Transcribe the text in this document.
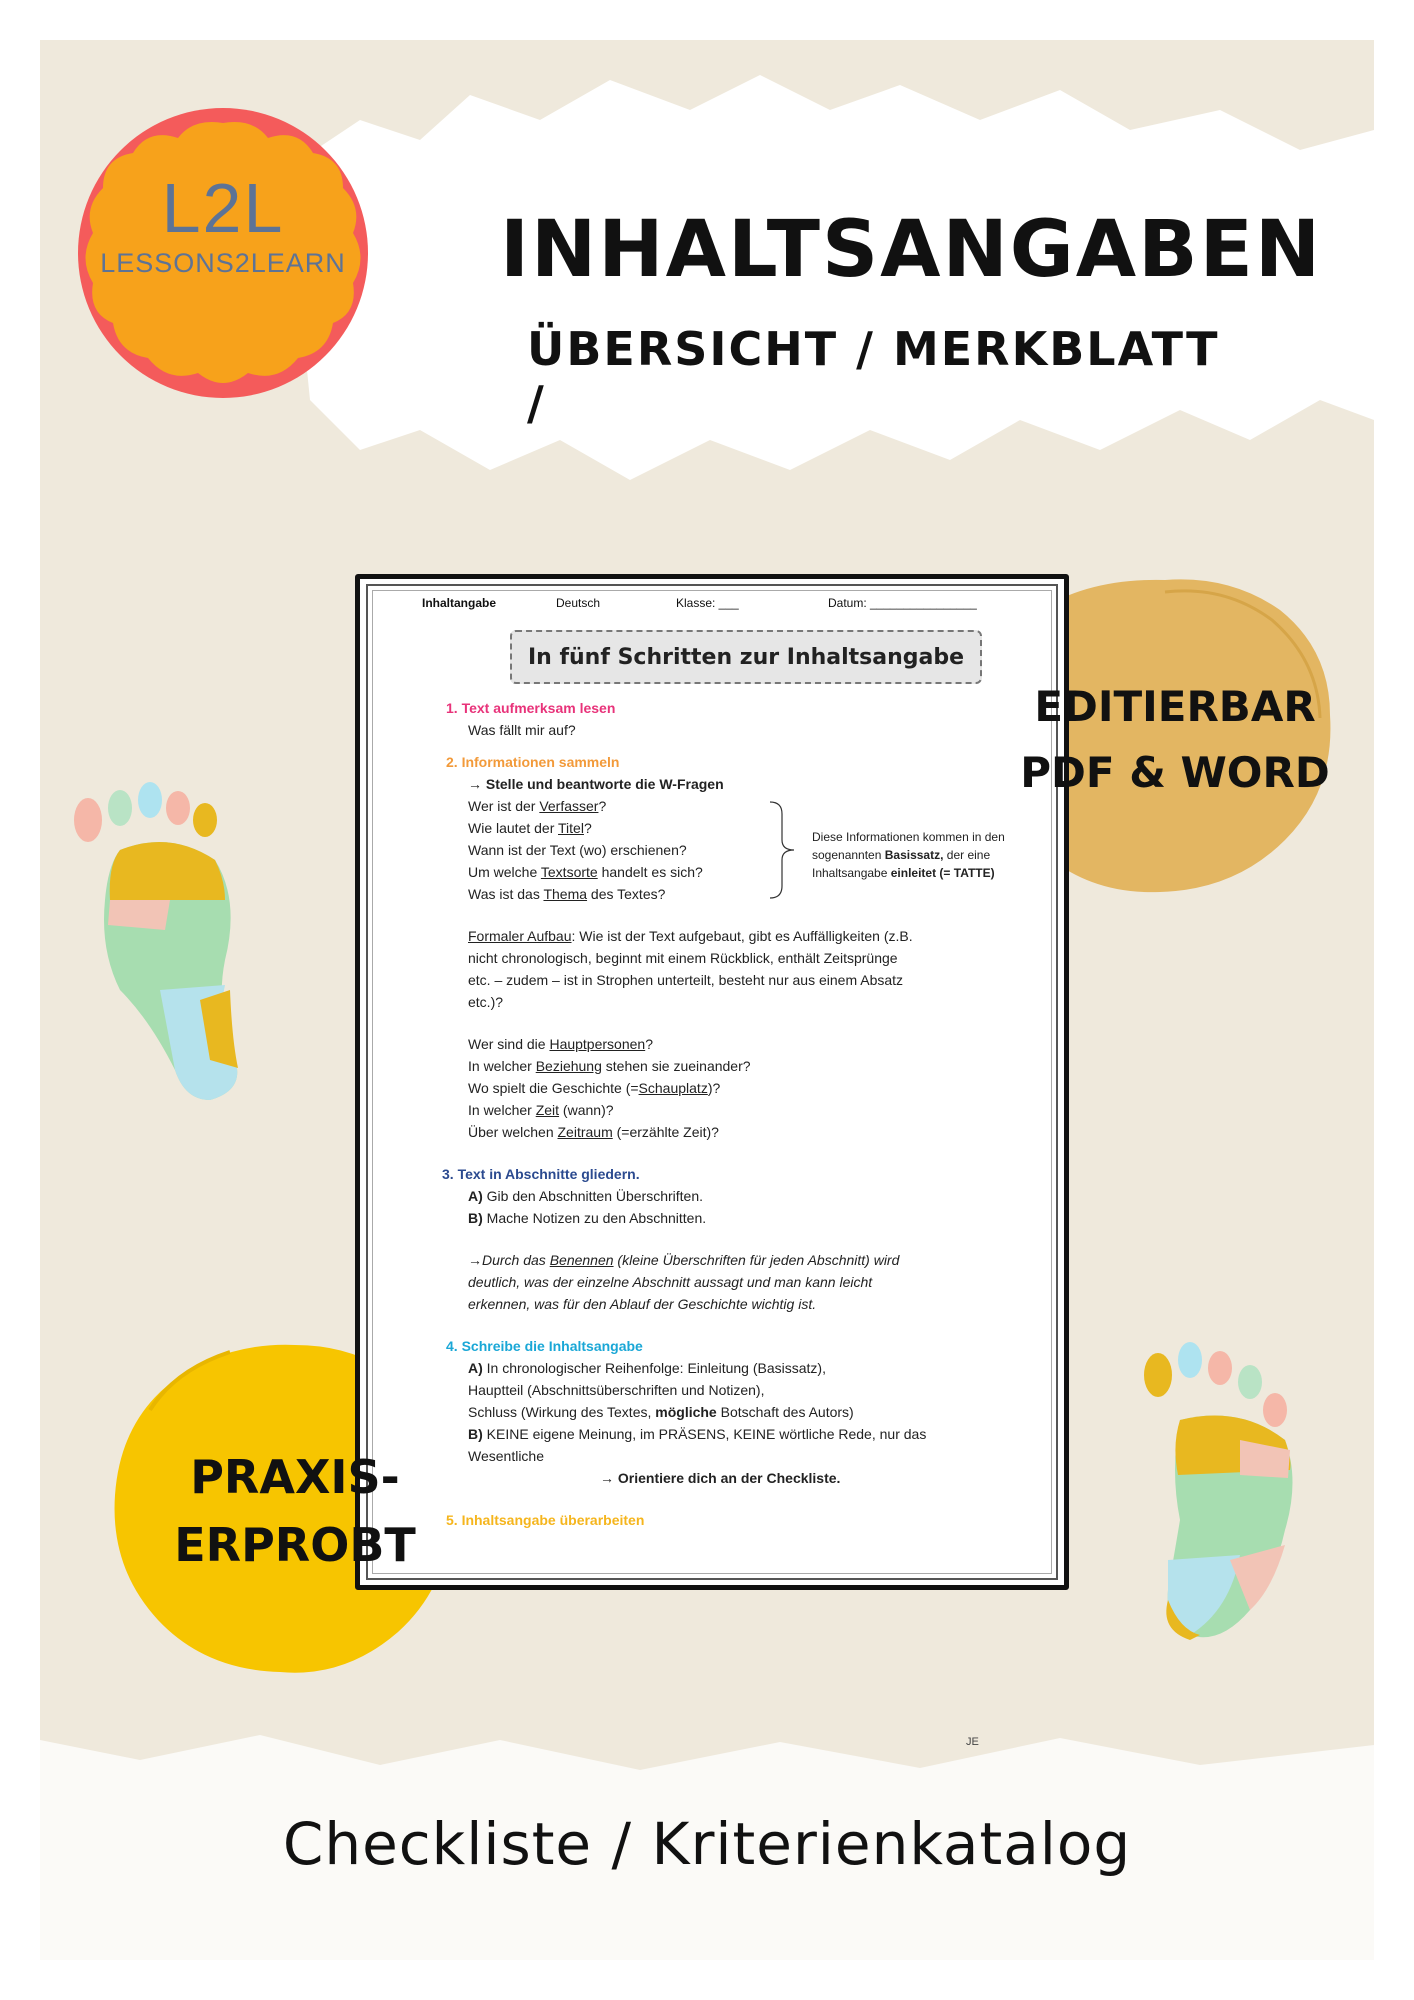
L2L
LESSONS2LEARN INHALTSANGABEN
ÜBERSICHT / MERKBLATT /
Inhaltangabe	Deutsch	Klasse: ___	Datum: ________________
In fünf Schritten zur Inhaltsangabe
1. Text aufmerksam lesen
Was fällt mir auf?
2. Informationen sammeln
→ Stelle und beantworte die W-Fragen
Wer ist der Verfasser?
Wie lautet der Titel?
Wann ist der Text (wo) erschienen?
Um welche Textsorte handelt es sich?
Was ist das Thema des Textes?
Diese Informationen kommen in den
sogenannten Basissatz, der eine
Inhaltsangabe einleitet (= TATTE)
Formaler Aufbau: Wie ist der Text aufgebaut, gibt es Auffälligkeiten (z.B.
nicht chronologisch, beginnt mit einem Rückblick, enthält Zeitsprünge
etc. – zudem – ist in Strophen unterteilt, besteht nur aus einem Absatz
etc.)?
Wer sind die Hauptpersonen?
In welcher Beziehung stehen sie zueinander?
Wo spielt die Geschichte (=Schauplatz)?
In welcher Zeit (wann)?
Über welchen Zeitraum (=erzählte Zeit)?
3. Text in Abschnitte gliedern.
A) Gib den Abschnitten Überschriften.
B) Mache Notizen zu den Abschnitten.
→Durch das Benennen (kleine Überschriften für jeden Abschnitt) wird
deutlich, was der einzelne Abschnitt aussagt und man kann leicht
erkennen, was für den Ablauf der Geschichte wichtig ist.
4. Schreibe die Inhaltsangabe
A) In chronologischer Reihenfolge: Einleitung (Basissatz),
Hauptteil (Abschnittsüberschriften und Notizen),
Schluss (Wirkung des Textes, mögliche Botschaft des Autors)
B) KEINE eigene Meinung, im PRÄSENS, KEINE wörtliche Rede, nur das
Wesentliche
→ Orientiere dich an der Checkliste.
5. Inhaltsangabe überarbeiten
EDITIERBAR
PDF & WORD
PRAXIS-
ERPROBT
JE
Checkliste / Kriterienkatalog
